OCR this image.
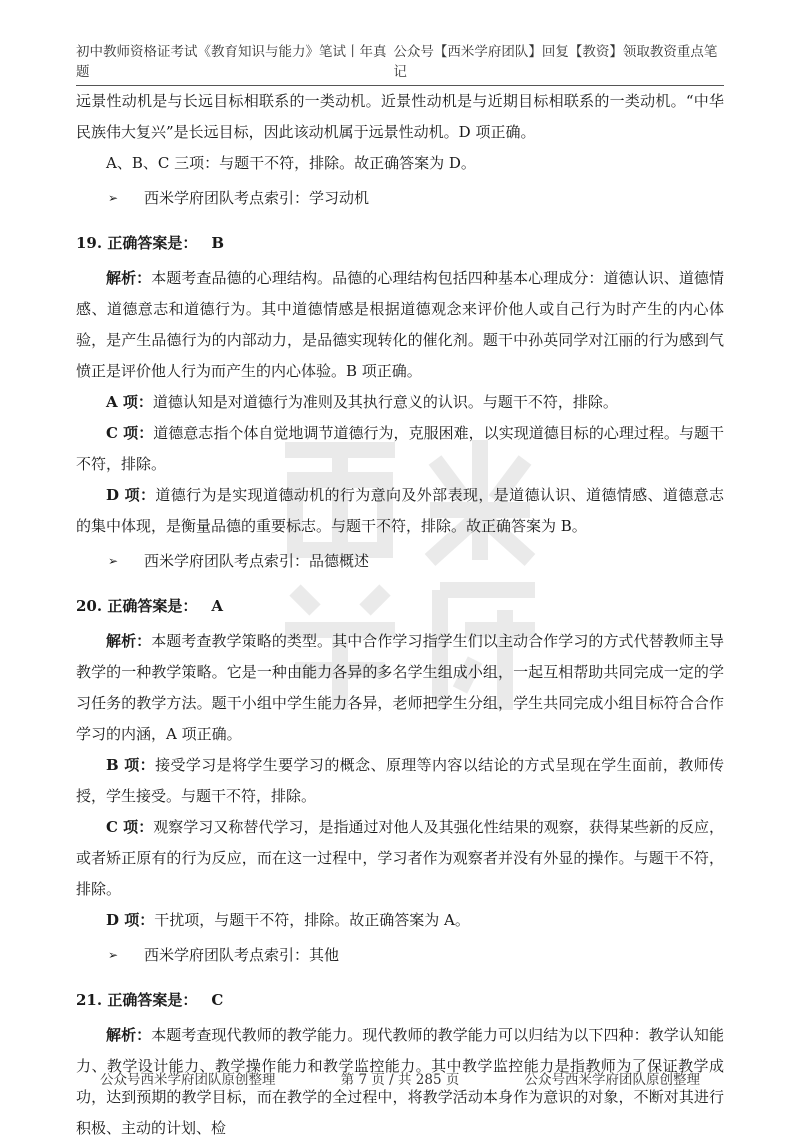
初中教师资格证考试《教育知识与能力》笔试丨年真题
公众号【西米学府团队】回复【教资】领取教资重点笔记

远景性动机是与长远目标相联系的一类动机。近景性动机是与近期目标相联系的一类动机。“中华民族伟大复兴”是长远目标，因此该动机属于远景性动机。D 项正确。

A、B、C 三项：与题干不符，排除。故正确答案为 D。

➢	西米学府团队考点索引：学习动机
19. 正确答案是： B

解析：本题考查品德的心理结构。品德的心理结构包括四种基本心理成分：道德认识、道德情感、道德意志和道德行为。其中道德情感是根据道德观念来评价他人或自己行为时产生的内心体验，是产生品德行为的内部动力，是品德实现转化的催化剂。题干中孙英同学对江丽的行为感到气愤正是评价他人行为而产生的内心体验。B 项正确。

A 项：道德认知是对道德行为准则及其执行意义的认识。与题干不符，排除。

C 项：道德意志指个体自觉地调节道德行为，克服困难，以实现道德目标的心理过程。与题干不符，排除。

D 项：道德行为是实现道德动机的行为意向及外部表现，是道德认识、道德情感、道德意志的集中体现，是衡量品德的重要标志。与题干不符，排除。故正确答案为 B。

➢	西米学府团队考点索引：品德概述
20. 正确答案是： A

解析：本题考查教学策略的类型。其中合作学习指学生们以主动合作学习的方式代替教师主导教学的一种教学策略。它是一种由能力各异的多名学生组成小组，一起互相帮助共同完成一定的学习任务的教学方法。题干小组中学生能力各异，老师把学生分组，学生共同完成小组目标符合合作学习的内涵，A 项正确。

B 项：接受学习是将学生要学习的概念、原理等内容以结论的方式呈现在学生面前，教师传授，学生接受。与题干不符，排除。

C 项：观察学习又称替代学习，是指通过对他人及其强化性结果的观察，获得某些新的反应，或者矫正原有的行为反应，而在这一过程中，学习者作为观察者并没有外显的操作。与题干不符，排除。

D 项：干扰项，与题干不符，排除。故正确答案为 A。

➢	西米学府团队考点索引：其他
21. 正确答案是： C

解析：本题考查现代教师的教学能力。现代教师的教学能力可以归结为以下四种：教学认知能力、教学设计能力、教学操作能力和教学监控能力。其中教学监控能力是指教师为了保证教学成功，达到预期的教学目标，而在教学的全过程中，将教学活动本身作为意识的对象，不断对其进行积极、主动的计划、检

公众号西米学府团队原创整理	第 7 页 / 共 285 页	公众号西米学府团队原创整理
